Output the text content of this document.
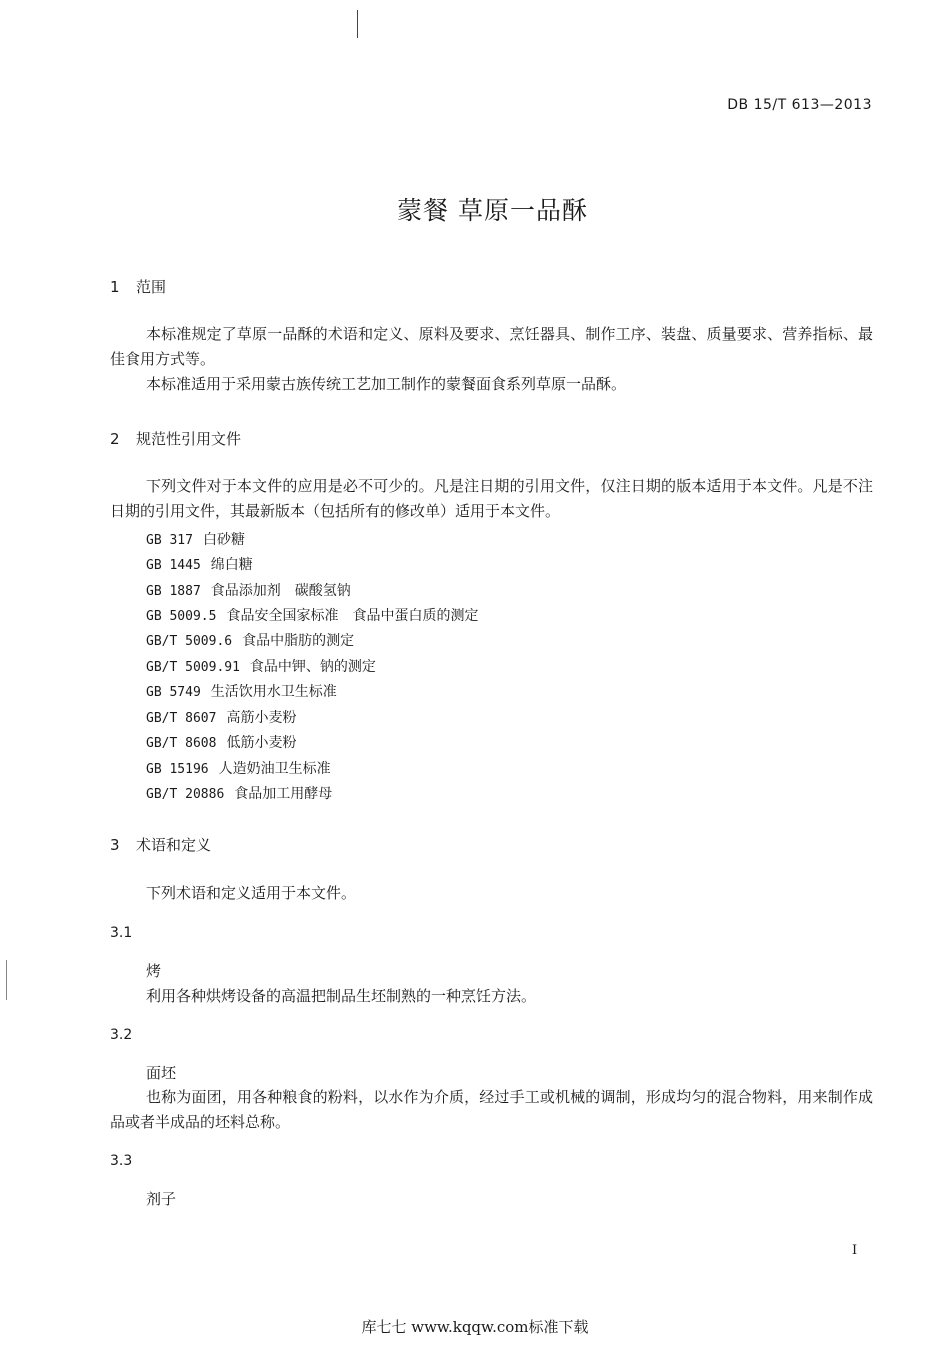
DB 15/T 613—2013
蒙餐 草原一品酥
1 范围
本标准规定了草原一品酥的术语和定义、原料及要求、烹饪器具、制作工序、装盘、质量要求、营养指标、最佳食用方式等。
本标准适用于采用蒙古族传统工艺加工制作的蒙餐面食系列草原一品酥。
2 规范性引用文件
下列文件对于本文件的应用是必不可少的。凡是注日期的引用文件，仅注日期的版本适用于本文件。凡是不注日期的引用文件，其最新版本（包括所有的修改单）适用于本文件。
GB 317 白砂糖
GB 1445 绵白糖
GB 1887 食品添加剂　碳酸氢钠
GB 5009.5 食品安全国家标准　食品中蛋白质的测定
GB/T 5009.6 食品中脂肪的测定
GB/T 5009.91 食品中钾、钠的测定
GB 5749 生活饮用水卫生标准
GB/T 8607 高筋小麦粉
GB/T 8608 低筋小麦粉
GB 15196 人造奶油卫生标准
GB/T 20886 食品加工用酵母
3 术语和定义
下列术语和定义适用于本文件。
3.1
烤
利用各种烘烤设备的高温把制品生坯制熟的一种烹饪方法。
3.2
面坯
也称为面团，用各种粮食的粉料，以水作为介质，经过手工或机械的调制，形成均匀的混合物料，用来制作成品或者半成品的坯料总称。
3.3
剂子
I
库七七 www.kqqw.com标准下载
